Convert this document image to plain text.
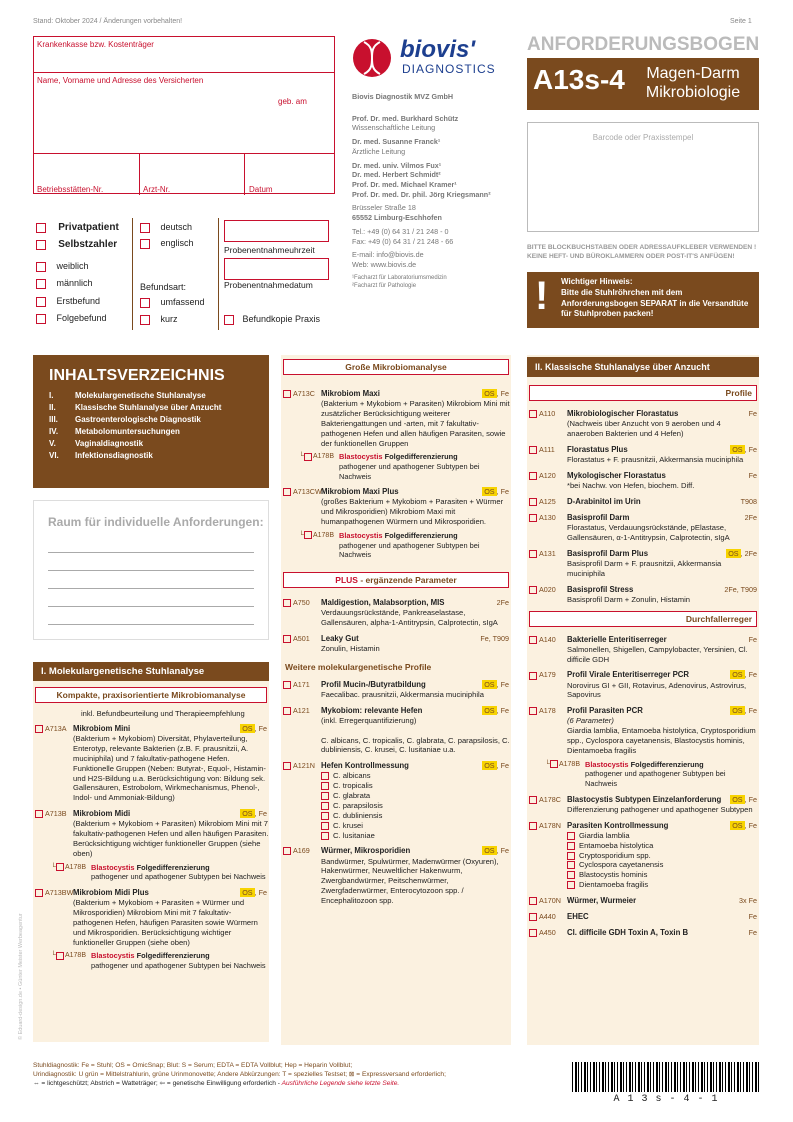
Stand: Oktober 2024 / Änderungen vorbehalten!	Seite 1
Krankenkasse bzw. Kostenträger
Name, Vorname und Adresse des Versicherten
geb. am
Betriebsstätten-Nr.	Arzt-Nr.	Datum
Privatpatient
Selbstzahler
weiblich
männlich
Erstbefund
Folgebefund
deutsch
englisch
Befundsart:
umfassend
kurz
Probenentnahmeuhrzeit
Probenentnahmedatum
Befundkopie Praxis
biovis'
DIAGNOSTICS
Biovis Diagnostik MVZ GmbH
Prof. Dr. med. Burkhard Schütz
Wissenschaftliche Leitung
Dr. med. Susanne Franck¹
Ärztliche Leitung
Dr. med. univ. Vilmos Fux¹
Dr. med. Herbert Schmidt²
Prof. Dr. med. Michael Kramer¹
Prof. Dr. med. Dr. phil. Jörg Kriegsmann²
Brüsseler Straße 18
65552 Limburg-Eschhofen
Tel.: +49 (0) 64 31 / 21 248 - 0
Fax: +49 (0) 64 31 / 21 248 - 66
E-mail: info@biovis.de
Web: www.biovis.de
¹Facharzt für Laboratoriumsmedizin
²Facharzt für Pathologie
ANFORDERUNGSBOGEN
A13s-4	Magen-Darm
Mikrobiologie
Barcode oder Praxisstempel
BITTE BLOCKBUCHSTABEN ODER ADRESSAUFKLEBER VERWENDEN ! KEINE HEFT- UND BÜROKLAMMERN ODER POST-IT'S ANFÜGEN!
! Wichtiger Hinweis:
Bitte die Stuhlröhrchen mit dem Anforderungsbogen SEPARAT in die Versandtüte für Stuhlproben packen!
INHALTSVERZEICHNIS
I.	Molekulargenetische Stuhlanalyse
II. Klassische Stuhlanalyse über Anzucht
III. Gastroenterologische Diagnostik
IV. Metabolomuntersuchungen
V. Vaginaldiagnostik
VI. Infektionsdiagnostik
Raum für individuelle Anforderungen:
I. Molekulargenetische Stuhlanalyse
Kompakte, praxisorientierte Mikrobiomanalyse
inkl. Befundbeurteilung und Therapieempfehlung
A713A	OS , Fe
Mikrobiom Mini
(Bakterium + Mykobiom) Diversität, Phylaverteilung, Enterotyp, relevante Bakterien (z.B. F. prausnitzii, A. muciniphila) und 7 fakultativ-pathogene Hefen. Funktionelle Gruppen (Neben: Butyrat-, Equol-, Histamin- und H2S-Bildung u.a. Berücksichtigung von: Bildung sek. Gallensäuren, Estrobolom, Wirkmechanismus, Phenol-, Indol- und Ammoniak-Bildung)
A713B	OS , Fe
Mikrobiom Midi
(Bakterium + Mykobiom + Parasiten) Mikrobiom Mini mit 7 fakultativ-pathogenen Hefen und allen häufigen Parasiten. Berücksichtigung wichtiger funktioneller Gruppen (siehe oben)
└ A178B Blastocystis Folgedifferenzierung
pathogener und apathogener Subtypen bei Nachweis
A713BW	OS , Fe
Mikrobiom Midi Plus
(Bakterium + Mykobiom + Parasiten + Würmer und Mikrosporidien) Mikrobiom Mini mit 7 fakultativ-pathogenen Hefen, häufigen Parasiten sowie Würmern und Mikrosporidien. Berücksichtigung wichtiger funktioneller Gruppen (siehe oben)
└ A178B Blastocystis Folgedifferenzierung
pathogener und apathogener Subtypen bei Nachweis
© Eduard-design.de • Günter Meister Werbeagentur
Große Mikrobiomanalyse
A713C	OS , Fe
Mikrobiom Maxi
(Bakterium + Mykobiom + Parasiten) Mikrobiom Mini mit zusätzlicher Berücksichtigung weiterer Bakteriengattungen und -arten, mit 7 fakultativ-pathogenen Hefen und allen häufigen Parasiten, sowie der funktionellen Gruppen
└ A178B Blastocystis Folgedifferenzierung
pathogener und apathogener Subtypen bei Nachweis
A713CW	OS , Fe
Mikrobiom Maxi Plus
(großes Bakterium + Mykobiom + Parasiten + Würmer und Mikrosporidien) Mikrobiom Maxi mit humanpathogenen Würmern und Mikrosporidien.
└ A178B Blastocystis Folgedifferenzierung
pathogener und apathogener Subtypen bei Nachweis
PLUS - ergänzende Parameter
A750	2Fe
Maldigestion, Malabsorption, MIS
Verdauungsrückstände, Pankreaselastase, Gallensäuren, alpha-1-Antitrypsin, Calprotectin, sIgA
A501	Fe, T909
Leaky Gut
Zonulin, Histamin
Weitere molekulargenetische Profile
A171	OS , Fe
Profil Mucin-/Butyratbildung
Faecalibac. prausnitzii, Akkermansia muciniphila
A121	OS , Fe
Mykobiom: relevante Hefen
(inkl. Erregerquantifizierung)

C. albicans, C. tropicalis, C. glabrata, C. parapsilosis, C. dubliniensis, C. krusei, C. lusitaniae u.a.
A121N	OS , Fe
Hefen Kontrollmessung
C. albicans
C. tropicalis
C. glabrata
C. parapsilosis
C. dubliniensis
C. krusei
C. lusitaniae
A169	OS , Fe
Würmer, Mikrosporidien
Bandwürmer, Spulwürmer, Madenwürmer (Oxyuren), Hakenwürmer, Neuweltlicher Hakenwurm, Zwergbandwürmer, Peitschenwürmer, Zwergfadenwürmer, Enterocytozoon spp. / Encephalitozoon spp.
II. Klassische Stuhlanalyse über Anzucht
Profile
A110	Fe
Mikrobiologischer Florastatus
(Nachweis über Anzucht von 9 aeroben und 4 anaeroben Bakterien und 4 Hefen)
A111	OS , Fe
Florastatus Plus
Florastatus + F. prausnitzii, Akkermansia muciniphila
A120	Fe
Mykologischer Florastatus
*bei Nachw. von Hefen, biochem. Diff.
A125	T908
D-Arabinitol im Urin
A130	2Fe
Basisprofil Darm
Florastatus, Verdauungsrückstände, pElastase, Gallensäuren, α-1-Antitrypsin, Calprotectin, sIgA
A131	OS , 2Fe
Basisprofil Darm Plus
Basisprofil Darm + F. prausnitzii, Akkermansia muciniphila
A020	2Fe, T909
Basisprofil Stress
Basisprofil Darm + Zonulin, Histamin
Durchfallerreger
A140	Fe
Bakterielle Enteritiserreger
Salmonellen, Shigellen, Campylobacter, Yersinien, Cl. difficile GDH
A179	OS , Fe
Profil Virale Enteritiserreger PCR
Norovirus GI + GII, Rotavirus, Adenovirus, Astrovirus, Sapovirus
A178	OS , Fe
Profil Parasiten PCR
(6 Parameter)
Giardia lamblia, Entamoeba histolytica, Cryptosporidium spp., Cyclospora cayetanensis, Blastocystis hominis, Dientamoeba fragilis
└ A178B Blastocystis Folgedifferenzierung
pathogener und apathogener Subtypen bei Nachweis
A178C	OS , Fe
Blastocystis Subtypen Einzelanforderung
Differenzierung pathogener und apathogener Subtypen
A178N	OS , Fe
Parasiten Kontrollmessung
Giardia lamblia
Entamoeba histolytica
Cryptosporidium spp.
Cyclospora cayetanensis
Blastocystis hominis
Dientamoeba fragilis
A170N	3x Fe
Würmer, Wurmeier
A440	Fe
EHEC
A450	Fe
Cl. difficile GDH Toxin A, Toxin B
Stuhldiagnostik: Fe = Stuhl; OS = OmicSnap; Blut: S = Serum; EDTA = EDTA Vollblut; Hep = Heparin Vollblut;
Urindiagnostik: U grün = Mittelstrahlurin, grüne Urinmonovette; Andere Abkürzungen: T = spezielles Testset; ⊠ = Expressversand erforderlich;
⇔ = lichtgeschützt; Abstrich = Watteträger; ⇦ = genetische Einwilligung erforderlich - Ausführliche Legende siehe letzte Seite.
A 1 3 s - 4 - 1
